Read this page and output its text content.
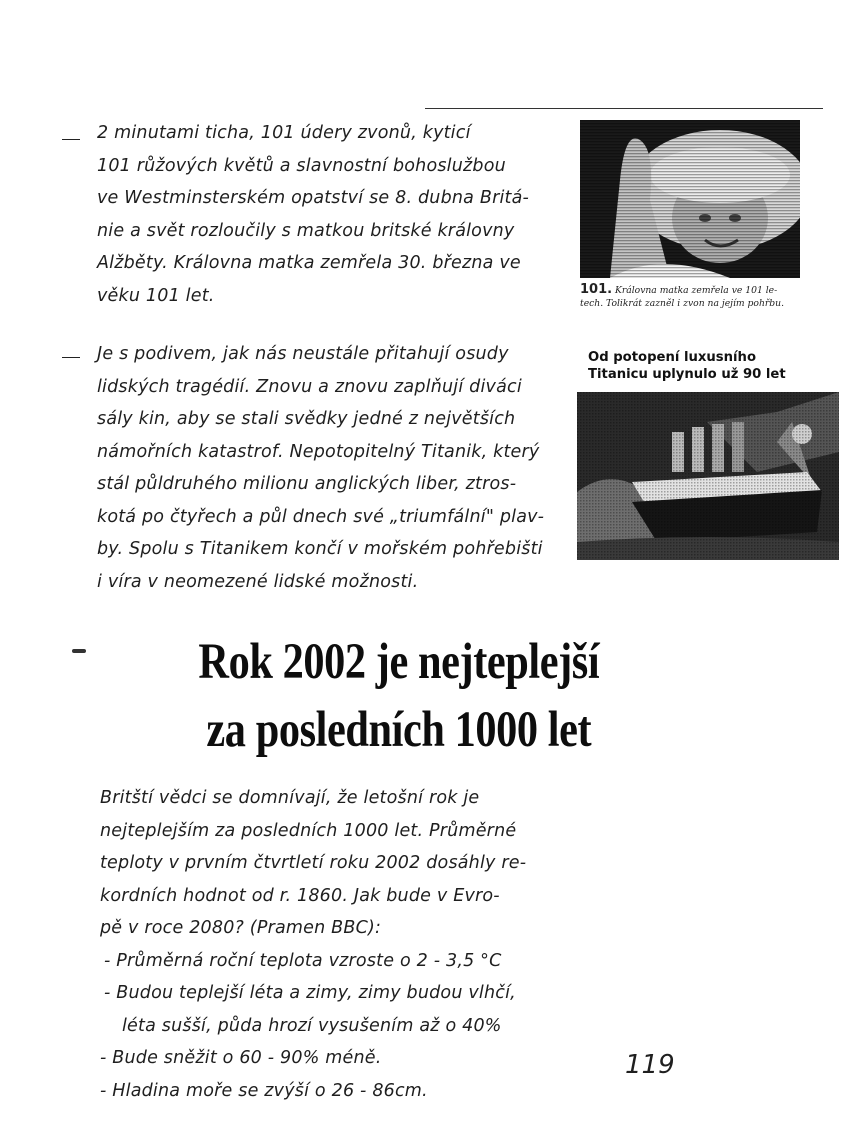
2 minutami ticha, 101 údery zvonů, kyticí
101 růžových květů a slavnostní bohoslužbou
ve Westminsterském opatství se 8. dubna Britá-
nie a svět rozloučily s matkou britské královny
Alžběty. Královna matka zemřela 30. března ve
věku 101 let.	101. Královna matka zemřela ve 101 le-
tech. Tolikrát zazněl i zvon na jejím pohřbu.
Je s podivem, jak nás neustále přitahují osudy
lidských tragédií. Znovu a znovu zaplňují diváci
sály kin, aby se stali svědky jedné z největších
námořních katastrof. Nepotopitelný Titanik, který
stál půldruhého milionu anglických liber, ztros-
kotá po čtyřech a půl dnech své „triumfální" plav-
by. Spolu s Titanikem končí v mořském pohřebišti
i víra v neomezené lidské možnosti.
Od potopení luxusního
Titanicu uplynulo už 90 let
Rok 2002 je nejteplejší
za posledních 1000 let
Britští vědci se domnívají, že letošní rok je
nejteplejším za posledních 1000 let. Průměrné
teploty v prvním čtvrtletí roku 2002 dosáhly re-
kordních hodnot od r. 1860. Jak bude v Evro-
pě v roce 2080? (Pramen BBC):
- Průměrná roční teplota vzroste o 2 - 3,5 °C
- Budou teplejší léta a zimy, zimy budou vlhčí,
léta sušší, půda hrozí vysušením až o 40%
- Bude sněžit o 60 - 90% méně.
- Hladina moře se zvýší o 26 - 86cm.
119
